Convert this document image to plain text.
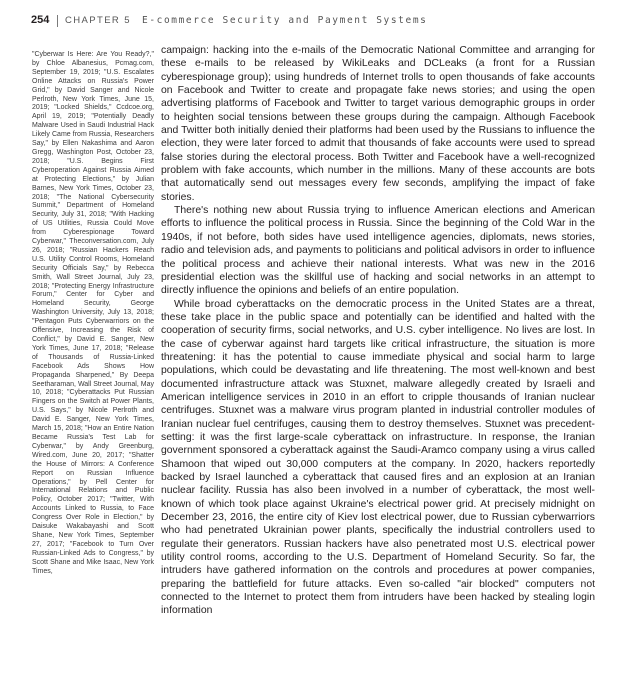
254 CHAPTER 5 E-commerce Security and Payment Systems

"Cyberwar Is Here: Are You Ready?," by Chloe Albanesius, Pcmag.com, September 19, 2019; "U.S. Escalates Online Attacks on Russia's Power Grid," by David Sanger and Nicole Perlroth, New York Times, June 15, 2019; "Locked Shields," Ccdcoe.org, April 19, 2019; "Potentially Deadly Malware Used in Saudi Industrial Hack Likely Came from Russia, Researchers Say," by Ellen Nakashima and Aaron Gregg, Washington Post, October 23, 2018; "U.S. Begins First Cyberoperation Against Russia Aimed at Protecting Elections," by Julian Barnes, New York Times, October 23, 2018; "The National Cybersecurity Summit," Department of Homeland Security, July 31, 2018; "With Hacking of US Utilities, Russia Could Move from Cyberespionage Toward Cyberwar," Theconversation.com, July 26, 2018; "Russian Hackers Reach U.S. Utility Control Rooms, Homeland Security Officials Say," by Rebecca Smith, Wall Street Journal, July 23, 2018; "Protecting Energy Infrastructure Forum," Center for Cyber and Homeland Security, George Washington University, July 13, 2018; "Pentagon Puts Cyberwarriors on the Offensive, Increasing the Risk of Conflict," by David E. Sanger, New York Times, June 17, 2018; "Release of Thousands of Russia-Linked Facebook Ads Shows How Propaganda Sharpened," By Deepa Seetharaman, Wall Street Journal, May 10, 2018; "Cyberattacks Put Russian Fingers on the Switch at Power Plants, U.S. Says," by Nicole Perlroth and David E. Sanger, New York Times, March 15, 2018; "How an Entire Nation Became Russia's Test Lab for Cyberwar," by Andy Greenburg, Wired.com, June 20, 2017; "Shatter the House of Mirrors: A Conference Report on Russian Influence Operations," by Pell Center for International Relations and Public Policy, October 2017; "Twitter, With Accounts Linked to Russia, to Face Congress Over Role in Election," by Daisuke Wakabayashi and Scott Shane, New York Times, September 27, 2017; "Facebook to Turn Over Russian-Linked Ads to Congress," by Scott Shane and Mike Isaac, New York Times,

campaign: hacking into the e-mails of the Democratic National Committee and arranging for these e-mails to be released by WikiLeaks and DCLeaks (a front for a Russian cyberespionage group); using hundreds of Internet trolls to open thousands of fake accounts on Facebook and Twitter to create and propagate fake news stories; and using the open advertising platforms of Facebook and Twitter to target various demographic groups in order to heighten social tensions between these groups during the campaign. Although Facebook and Twitter both initially denied their platforms had been used by the Russians to influence the election, they were later forced to admit that thousands of fake accounts were used to spread false stories during the electoral process. Both Twitter and Facebook have a well-recognized problem with fake accounts, which number in the millions. Many of these accounts are bots that automatically send out messages every few seconds, amplifying the impact of fake stories.

There's nothing new about Russia trying to influence American elections and American efforts to influence the political process in Russia. Since the beginning of the Cold War in the 1940s, if not before, both sides have used intelligence agencies, diplomats, news stories, radio and television ads, and payments to politicians and political advisors in order to influence the political process and achieve their national interests. What was new in the 2016 presidential election was the skillful use of hacking and social networks in an attempt to directly influence the opinions and beliefs of an entire population.

While broad cyberattacks on the democratic process in the United States are a threat, these take place in the public space and potentially can be identified and halted with the cooperation of security firms, social networks, and U.S. cyber intelligence. No lives are lost. In the case of cyberwar against hard targets like critical infrastructure, the situation is more threatening: it has the potential to cause immediate physical and social harm to large populations, which could be devastating and life threatening. The most well-known and best documented infrastructure attack was Stuxnet, malware allegedly created by Israeli and American intelligence services in 2010 in an effort to cripple thousands of Iranian nuclear centrifuges. Stuxnet was a malware virus program planted in industrial controller modules of Iranian nuclear fuel centrifuges, causing them to destroy themselves. Stuxnet was precedent-setting: it was the first large-scale cyberattack on infrastructure. In response, the Iranian government sponsored a cyberattack against the Saudi-Aramco company using a virus called Shamoon that wiped out 30,000 computers at the company. In 2020, hackers reportedly backed by Israel launched a cyberattack that caused fires and an explosion at an Iranian nuclear facility. Russia has also been involved in a number of cyberattack, the most well-known of which took place against Ukraine's electrical power grid. At precisely midnight on December 23, 2016, the entire city of Kiev lost electrical power, due to Russian cyberwarriors who had penetrated Ukrainian power plants, specifically the industrial controllers used to regulate their generators. Russian hackers have also penetrated most U.S. electrical power utility control rooms, according to the U.S. Department of Homeland Security. So far, the intruders have gathered information on the controls and procedures at power companies, preparing the battlefield for future attacks. Even so-called "air blocked" computers not connected to the Internet to protect them from intruders have been hacked by stealing login information
